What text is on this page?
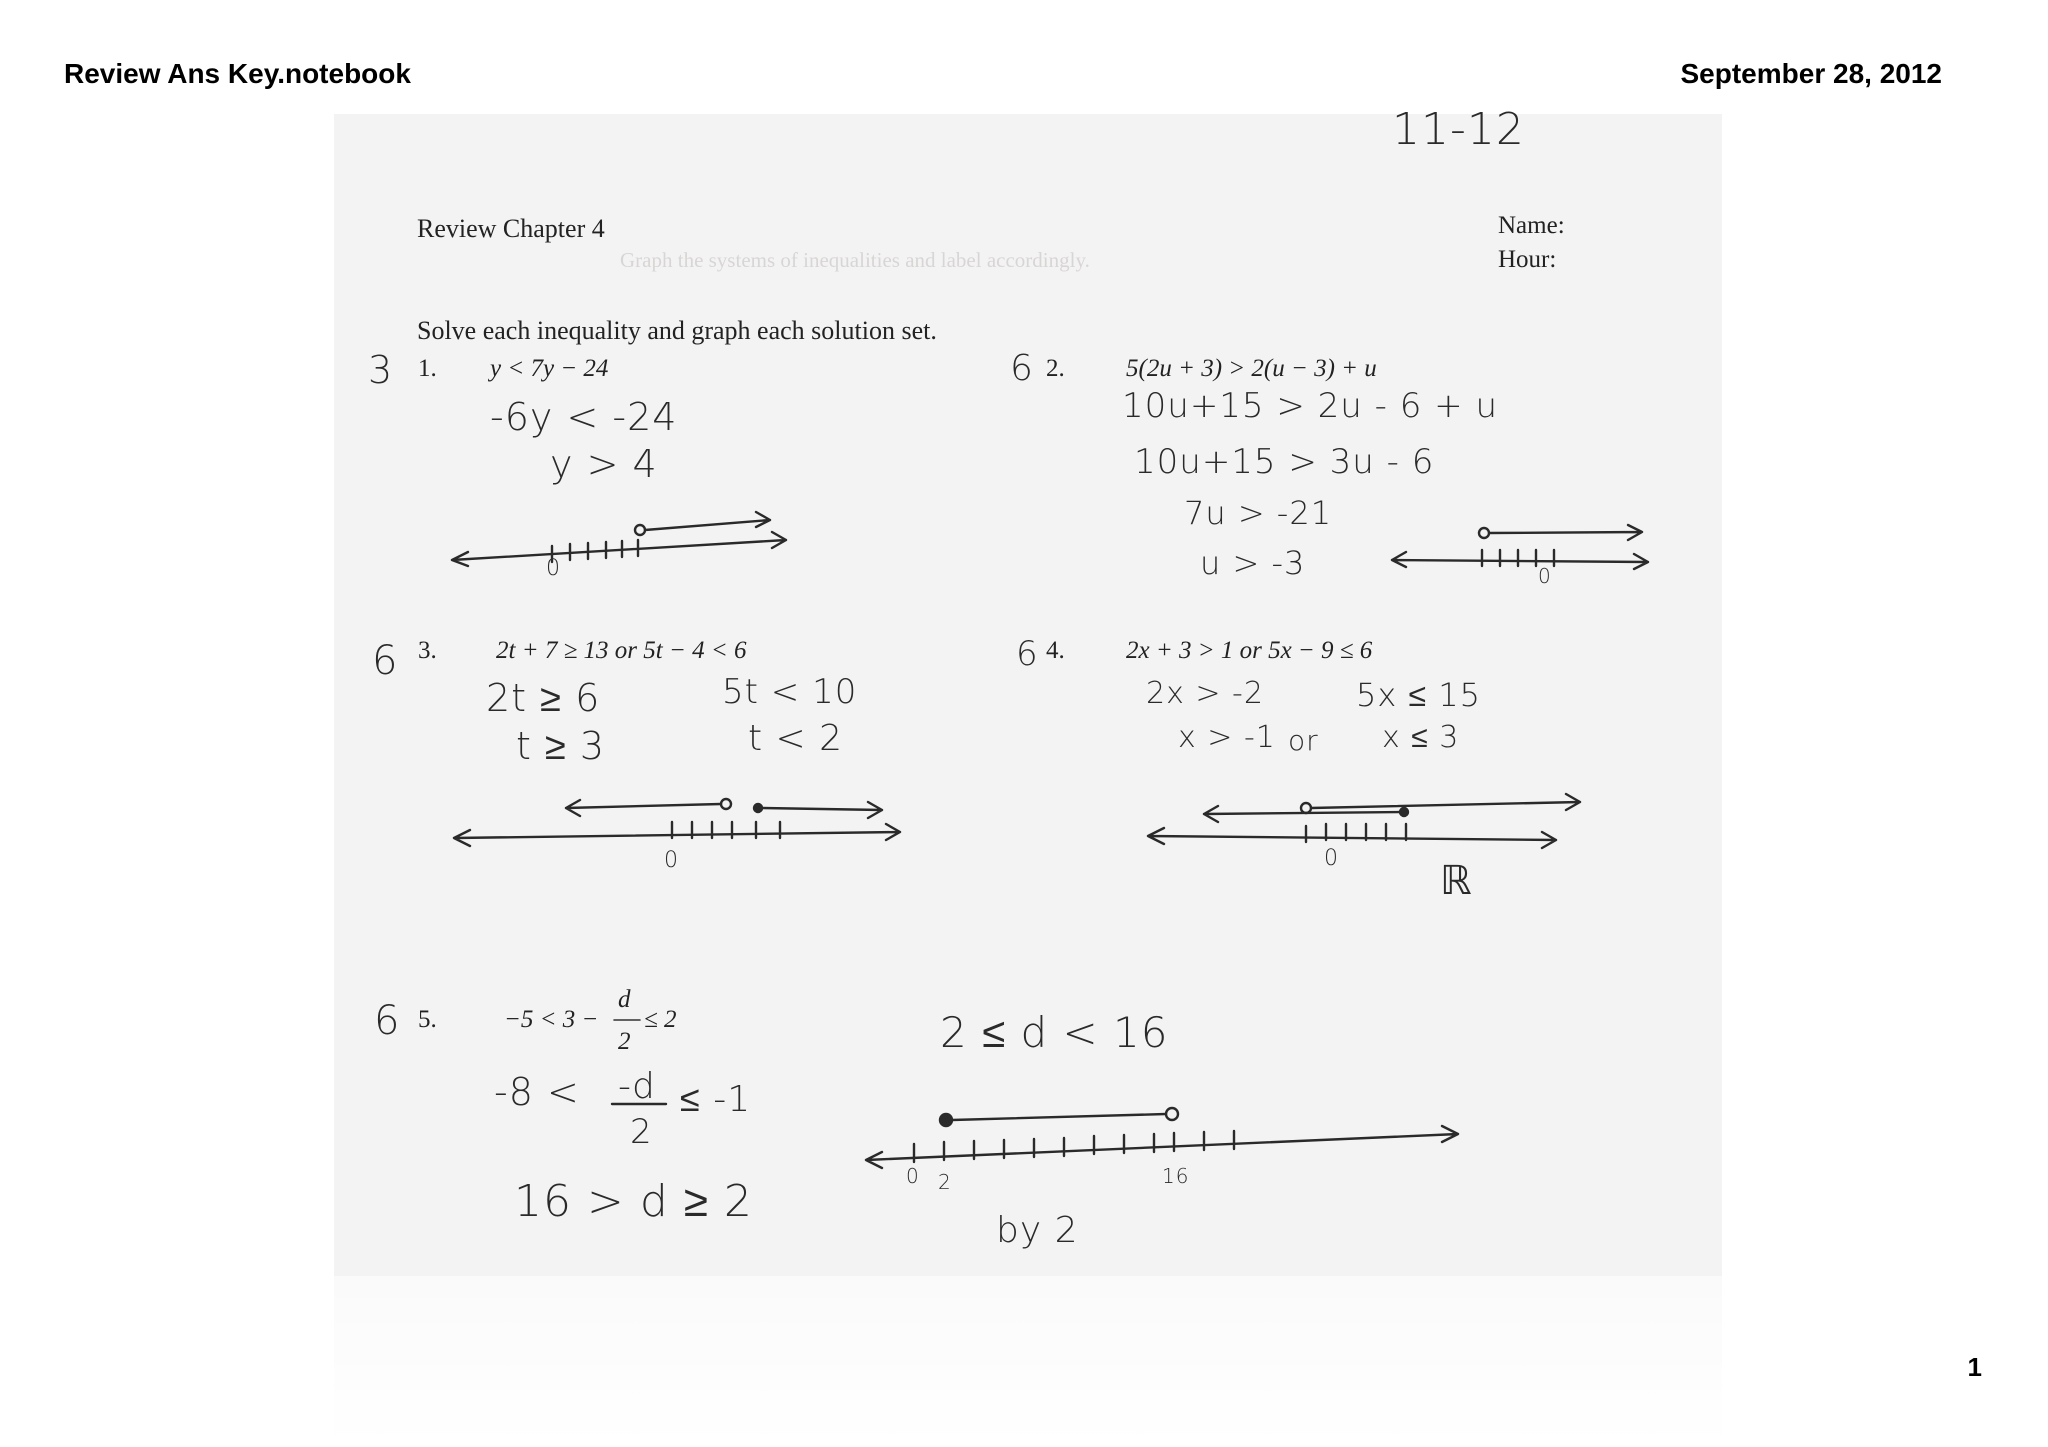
Review Ans Key.notebook	September 28, 2012
1
Graph the systems of inequalities and label accordingly.
11-12
Review Chapter 4	Name:
Hour:
Solve each inequality and graph each solution set.
3 1. y < 7y − 24
-6y < -24
y > 4
0
6 2. 5(2u + 3) > 2(u − 3) + u
10u+15 > 2u - 6 + u
10u+15 > 3u - 6
7u > -21
u > -3	0
6 3. 2t + 7 ≥ 13 or 5t − 4 < 6
2t ≥ 6
t ≥ 3
5t < 10
t < 2
0
6 4. 2x + 3 > 1 or 5x − 9 ≤ 6
2x > -2	5x ≤ 15
x > -1 or x ≤ 3
ℝ
0
6 5.	−5 < 3 −
d
2
≤ 2
-8 < -d
2
≤ -1
16 > d ≥ 2
2 ≤ d < 16
by 2
0 2	16
